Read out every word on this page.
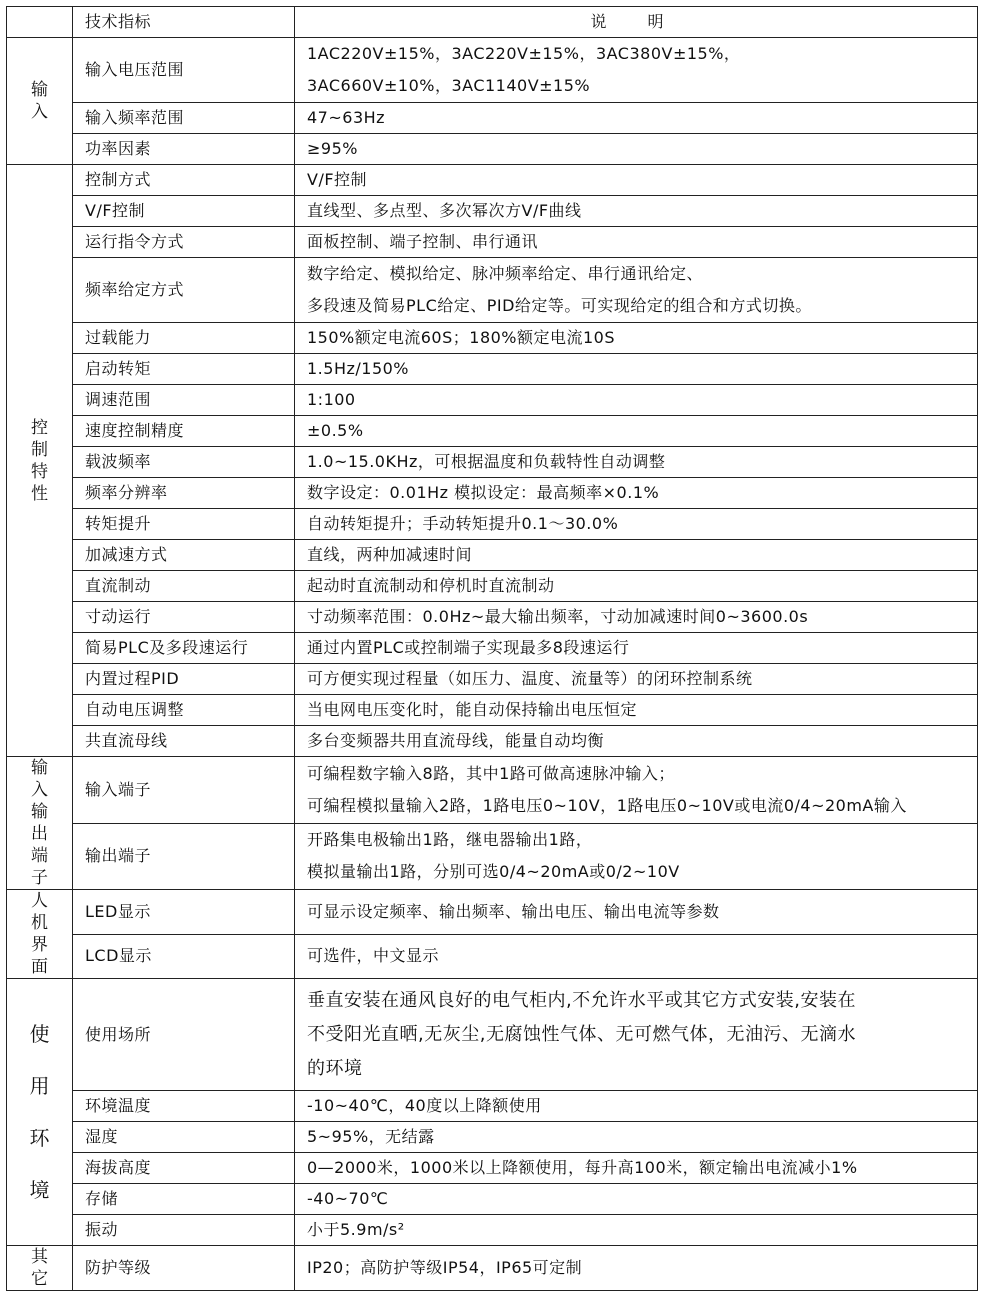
	技术指标	说 明
输入	输入电压范围	1AC220V±15%，3AC220V±15%，3AC380V±15%，
3AC660V±10%，3AC1140V±15%

	输入频率范围	47~63Hz

	功率因素	≥95%

控制特性	控制方式	V/F控制

	V/F控制	直线型、多点型、多次幂次方V/F曲线

	运行指令方式	面板控制、端子控制、串行通讯

	频率给定方式	数字给定、模拟给定、脉冲频率给定、串行通讯给定、
多段速及简易PLC给定、PID给定等。可实现给定的组合和方式切换。

	过载能力	150%额定电流60S；180%额定电流10S

	启动转矩	1.5Hz/150%

	调速范围	1:100

	速度控制精度	±0.5%

	载波频率	1.0~15.0KHz，可根据温度和负载特性自动调整

	频率分辨率	数字设定：0.01Hz 模拟设定：最高频率×0.1%

	转矩提升	自动转矩提升；手动转矩提升0.1～30.0%

	加减速方式	直线，两种加减速时间

	直流制动	起动时直流制动和停机时直流制动

	寸动运行	寸动频率范围：0.0Hz~最大输出频率，寸动加减速时间0~3600.0s

	简易PLC及多段速运行	通过内置PLC或控制端子实现最多8段速运行

	内置过程PID	可方便实现过程量（如压力、温度、流量等）的闭环控制系统

	自动电压调整	当电网电压变化时，能自动保持输出电压恒定

	共直流母线	多台变频器共用直流母线，能量自动均衡

输入输出端子	输入端子	可编程数字输入8路，其中1路可做高速脉冲输入；
可编程模拟量输入2路，1路电压0~10V，1路电压0~10V或电流0/4~20mA输入

	输出端子	开路集电极输出1路，继电器输出1路，
模拟量输出1路，分别可选0/4~20mA或0/2~10V

人机界面	LED显示	可显示设定频率、输出频率、输出电压、输出电流等参数

	LCD显示	可选件，中文显示

使用环境	使用场所	垂直安装在通风良好的电气柜内,不允许水平或其它方式安装,安装在
不受阳光直晒,无灰尘,无腐蚀性气体、无可燃气体，无油污、无滴水
的环境

	环境温度	-10~40℃，40度以上降额使用

	湿度	5~95%，无结露

	海拔高度	0—2000米，1000米以上降额使用，每升高100米，额定输出电流减小1%

	存储	-40~70℃

	振动	小于5.9m/s²

其它	防护等级	IP20；高防护等级IP54，IP65可定制
